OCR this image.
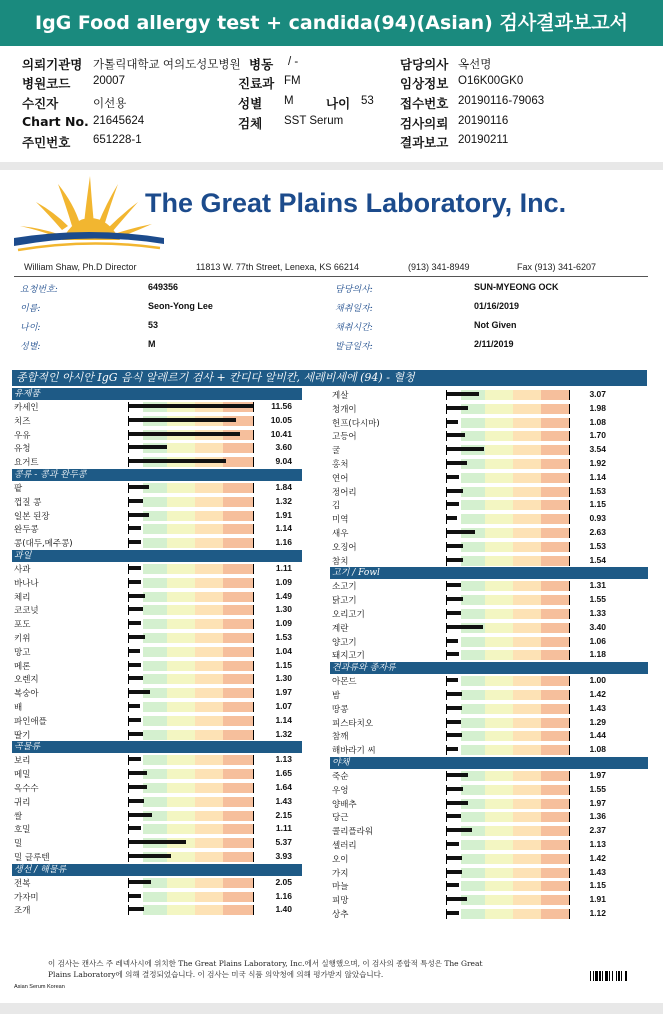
IgG Food allergy test + candida(94)(Asian) 검사결과보고서
의뢰기관명 가톨릭대학교 여의도성모병원 병동 / -	담당의사 옥선명
병원코드 20007	진료과 FM	임상정보 O16K00GK0
수진자	이선용	성별 M	나이 53 접수번호 20190116-79063
Chart No. 21645624	검체 SST Serum	검사의뢰 20190116
주민번호 651228-1	결과보고 20190211
The Great Plains Laboratory, Inc.
William Shaw, Ph.D Director	11813 W. 77th Street, Lenexa, KS 66214	(913) 341-8949	Fax (913) 341-6207
요청번호:	649356
이름:	Seon-Yong Lee
나이:	53
성별:	M
담당의사:	SUN-MYEONG OCK
채취일자:	01/16/2019
채취시간:	Not Given
발급일자:	2/11/2019
종합적인 아시안 IgG 음식 알레르기 검사 + 칸디다 알비칸, 세레비세에 (94) - 혈청
유제품
카세인	11.56
치즈	10.05
우유	10.41
유청	3.60
요거트	9.04
콩류 - 콩과 완두콩
팥	1.84
껍질 콩	1.32
일본 된장	1.91
완두콩	1.14
콩(대두,메주콩)	1.16
과일
사과	1.11
바나나	1.09
체리	1.49
코코넛	1.30
포도	1.09
키위	1.53
망고	1.04
메론	1.15
오렌지	1.30
복숭아	1.97
배	1.07
파인애플	1.14
딸기	1.32
곡물류
보리	1.13
메밀	1.65
옥수수	1.64
귀리	1.43
쌀	2.15
호밀	1.11
밀	5.37
밀 글루텐	3.93
생선 / 해물류
전복	2.05
가자미	1.16
조개	1.40
게살	3.07
청개이	1.98
헌프(다시마)	1.08
고등어	1.70
굴	3.54
홍처	1.92
연어	1.14
정어리	1.53
김	1.15
미역	0.93
새우	2.63
오징어	1.53
참치	1.54
고기 / Fowl
소고기	1.31
닭고기	1.55
오리고기	1.33
계란	3.40
양고기	1.06
돼지고기	1.18
견과류와 종자류
아몬드	1.00
밤	1.42
땅콩	1.43
피스타치오	1.29
참깨	1.44
해바라기 씨	1.08
야채
죽순	1.97
우엉	1.55
양배추	1.97
당근	1.36
콜리플라워	2.37
셀러리	1.13
오이	1.42
가지	1.43
마늘	1.15
피망	1.91
상추	1.12
이 검사는 캔사스 주 레넥사시에 위치한 The Great Plains Laboratory, Inc.에서 실행했으며, 이 검사의 종합적 특성은 The Great
Plains Laboratory에 의해 결정되었습니다. 이 검사는 미국 식품 의약청에 의해 평가받지 않았습니다.
Asian Serum Korean
